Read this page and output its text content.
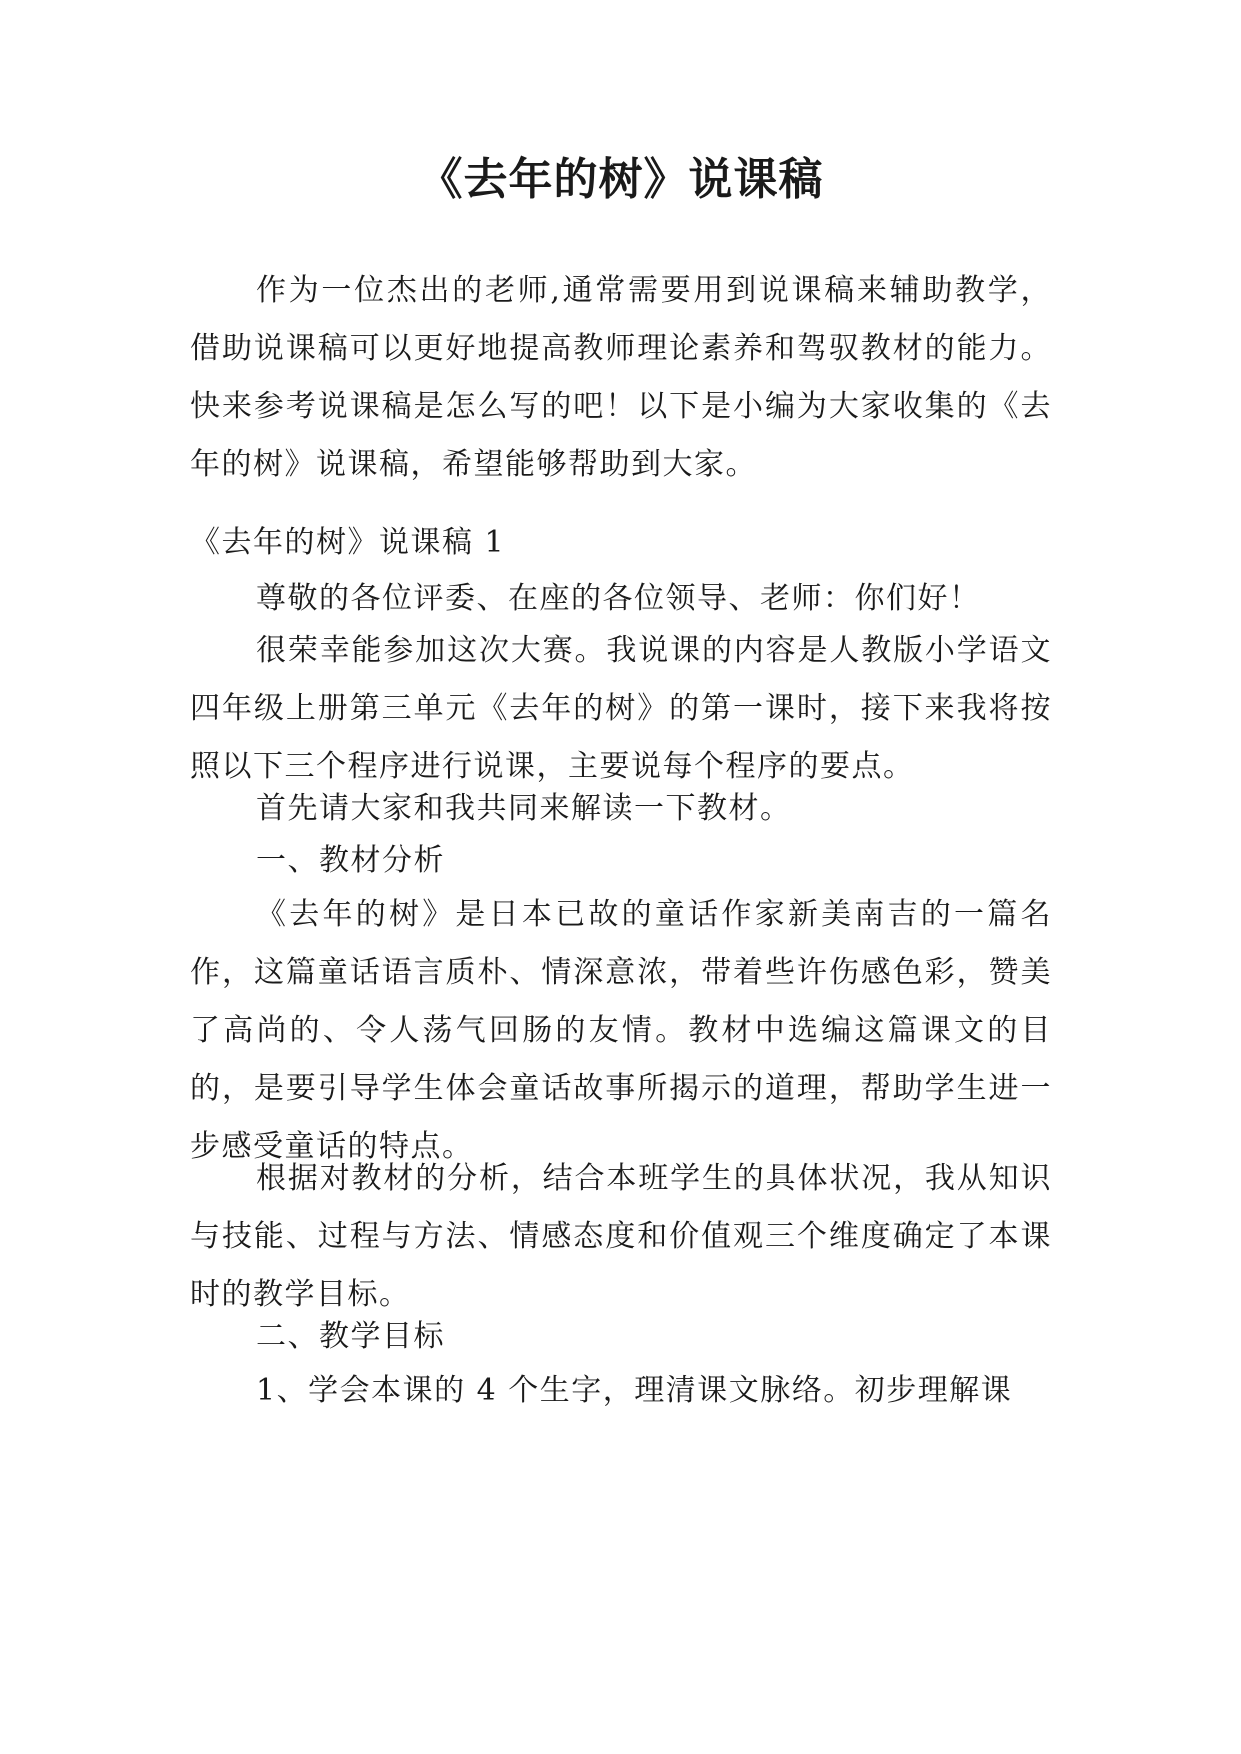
《去年的树》说课稿

作为一位杰出的老师,通常需要用到说课稿来辅助教学，借助说课稿可以更好地提高教师理论素养和驾驭教材的能力。快来参考说课稿是怎么写的吧！以下是小编为大家收集的《去年的树》说课稿，希望能够帮助到大家。

《去年的树》说课稿 1

尊敬的各位评委、在座的各位领导、老师：你们好！

很荣幸能参加这次大赛。我说课的内容是人教版小学语文四年级上册第三单元《去年的树》的第一课时，接下来我将按照以下三个程序进行说课，主要说每个程序的要点。

首先请大家和我共同来解读一下教材。

一、教材分析

《去年的树》是日本已故的童话作家新美南吉的一篇名作，这篇童话语言质朴、情深意浓，带着些许伤感色彩，赞美了高尚的、令人荡气回肠的友情。教材中选编这篇课文的目的，是要引导学生体会童话故事所揭示的道理，帮助学生进一步感受童话的特点。

根据对教材的分析，结合本班学生的具体状况，我从知识与技能、过程与方法、情感态度和价值观三个维度确定了本课时的教学目标。

二、教学目标

1、学会本课的 4 个生字，理清课文脉络。初步理解课
